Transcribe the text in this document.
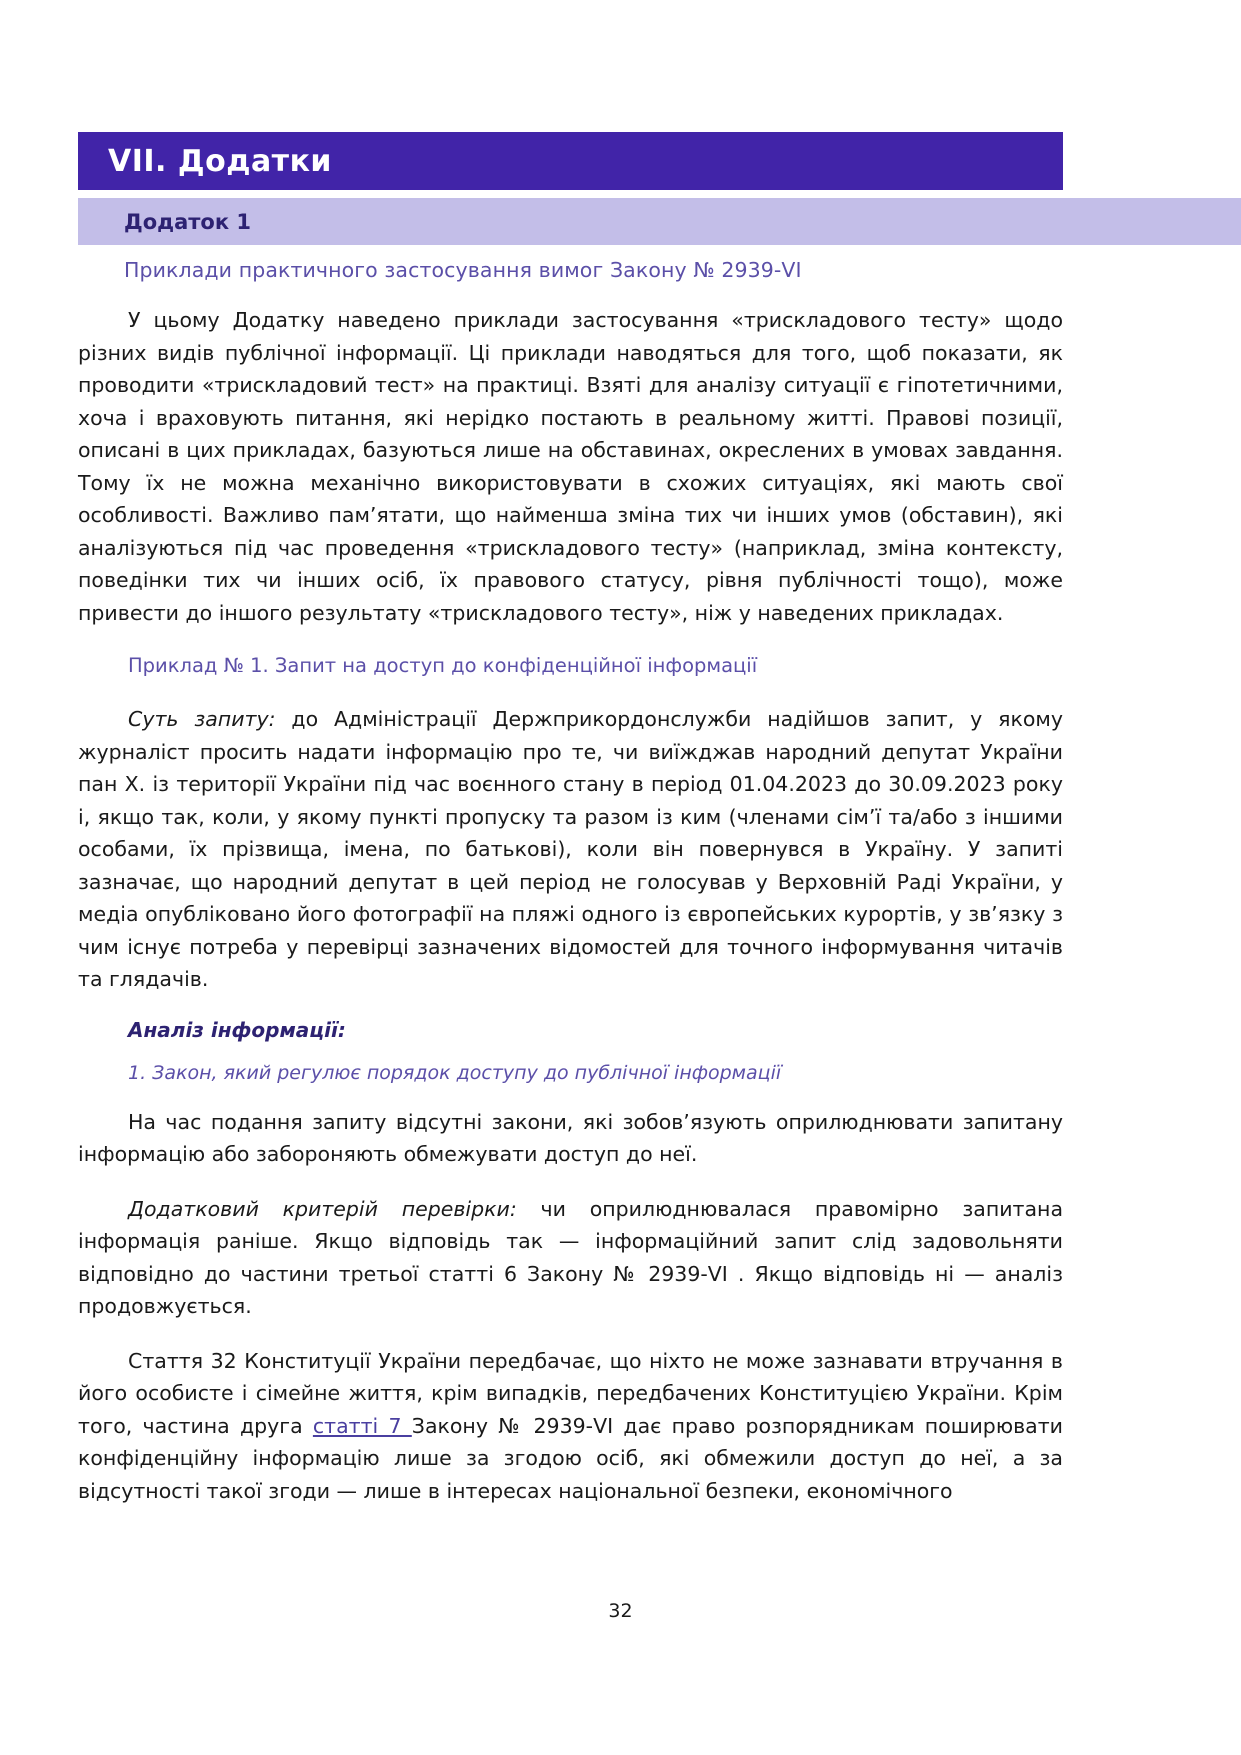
VII. Додатки
Додаток 1
Приклади практичного застосування вимог Закону № 2939-VI

У цьому Додатку наведено приклади застосування «трискладового тесту» щодо різних видів публічної інформації. Ці приклади наводяться для того, щоб показати, як проводити «трискладовий тест» на практиці. Взяті для аналізу ситуації є гіпотетичними, хоча і враховують питання, які нерідко постають в реальному житті. Правові позиції, описані в цих прикладах, базуються лише на обставинах, окреслених в умовах завдання. Тому їх не можна механічно використовувати в схожих ситуаціях, які мають свої особливості. Важливо пам’ятати, що найменша зміна тих чи інших умов (обставин), які аналізуються під час проведення «трискладового тесту» (наприклад, зміна контексту, поведінки тих чи інших осіб, їх правового статусу, рівня публічності тощо), може привести до іншого результату «трискладового тесту», ніж у наведених прикладах.

Приклад № 1. Запит на доступ до конфіденційної інформації

Суть запиту: до Адміністрації Держприкордонслужби надійшов запит, у якому журналіст просить надати інформацію про те, чи виїжджав народний депутат України пан Х. із території України під час воєнного стану в період 01.04.2023 до 30.09.2023 року і, якщо так, коли, у якому пункті пропуску та разом із ким (членами сім’ї та/або з іншими особами, їх прізвища, імена, по батькові), коли він повернувся в Україну. У запиті зазначає, що народний депутат в цей період не голосував у Верховній Раді України, у медіа опубліковано його фотографії на пляжі одного із європейських курортів, у зв’язку з чим існує потреба у перевірці зазначених відомостей для точного інформування читачів та глядачів.

Аналіз інформації:
1. Закон, який регулює порядок доступу до публічної інформації

На час подання запиту відсутні закони, які зобов’язують оприлюднювати запитану інформацію або забороняють обмежувати доступ до неї.

Додатковий критерій перевірки: чи оприлюднювалася правомірно запитана інформація раніше. Якщо відповідь так — інформаційний запит слід задовольняти відповідно до частини третьої статті 6 Закону № 2939-VI . Якщо відповідь ні — аналіз продовжується.

Стаття 32 Конституції України передбачає, що ніхто не може зазнавати втручання в його особисте і сімейне життя, крім випадків, передбачених Конституцією України. Крім того, частина друга статті 7 Закону № 2939-VI дає право розпорядникам поширювати конфіденційну інформацію лише за згодою осіб, які обмежили доступ до неї, а за відсутності такої згоди — лише в інтересах національної безпеки, економічного

32
